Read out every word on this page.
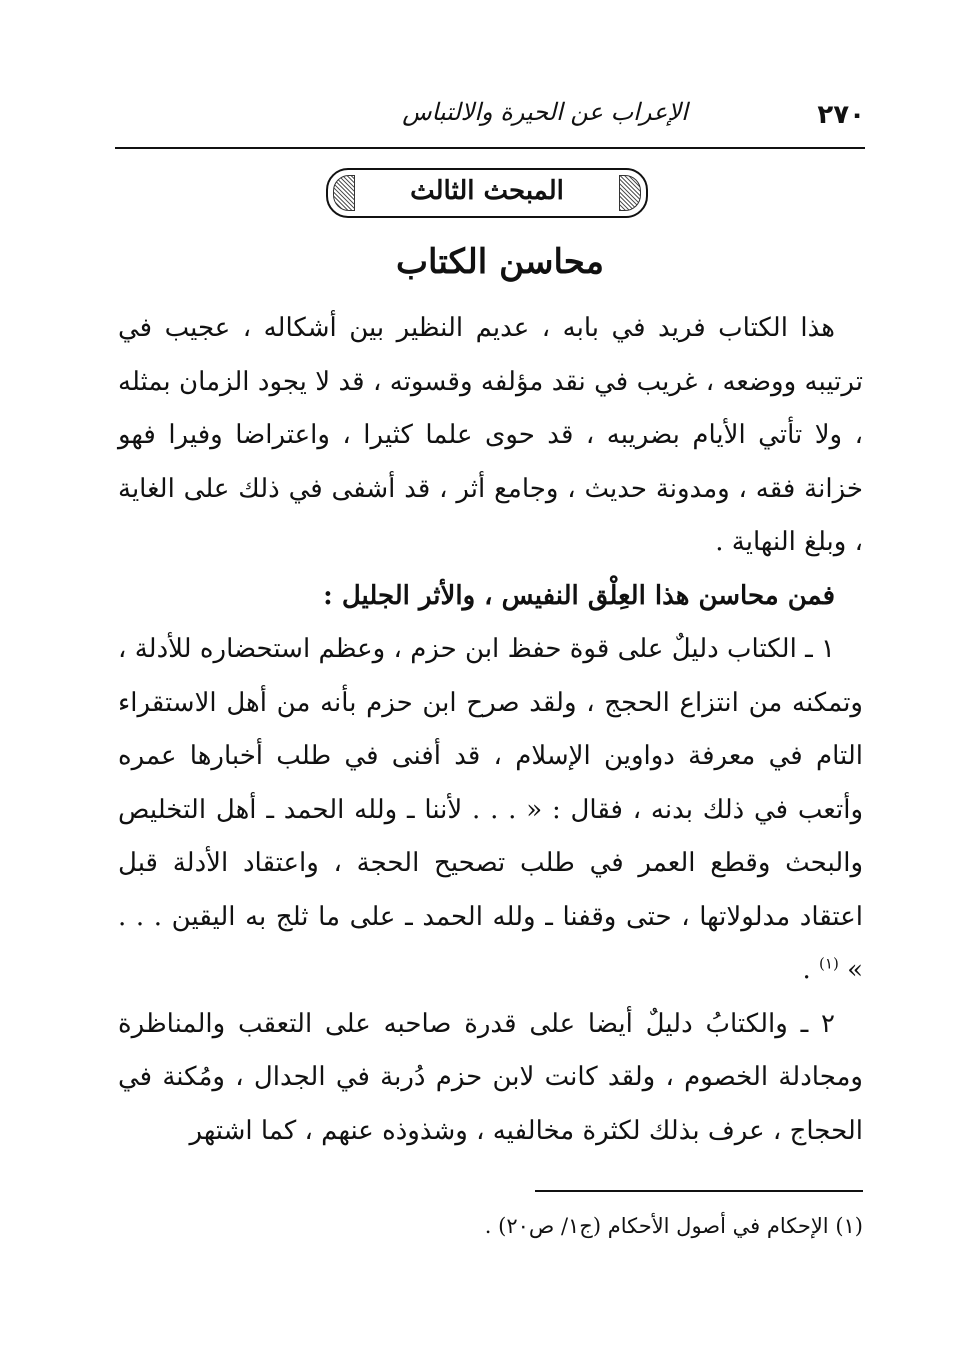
٢٧٠
الإعراب عن الحيرة والالتباس
المبحث الثالث
محاسن الكتاب

هذا الكتاب فريد في بابه ، عديم النظير بين أشكاله ، عجيب في ترتيبه ووضعه ، غريب في نقد مؤلفه وقسوته ، قد لا يجود الزمان بمثله ، ولا تأتي الأيام بضريبه ، قد حوى علما كثيرا ، واعتراضا وفيرا فهو خزانة فقه ، ومدونة حديث ، وجامع أثر ، قد أشفى في ذلك على الغاية ، وبلغ النهاية .

فمن محاسن هذا العِلْق النفيس ، والأثر الجليل :

١ ـ الكتاب دليلٌ على قوة حفظ ابن حزم ، وعظم استحضاره للأدلة ، وتمكنه من انتزاع الحجج ، ولقد صرح ابن حزم بأنه من أهل الاستقراء التام في معرفة دواوين الإسلام ، قد أفنى في طلب أخبارها عمره وأتعب في ذلك بدنه ، فقال : « . . . لأننا ـ ولله الحمد ـ أهل التخليص والبحث وقطع العمر في طلب تصحيح الحجة ، واعتقاد الأدلة قبل اعتقاد مدلولاتها ، حتى وقفنا ـ ولله الحمد ـ على ما ثلج به اليقين . . . » $^{(١)}$ .

٢ ـ والكتابُ دليلٌ أيضا على قدرة صاحبه على التعقب والمناظرة ومجادلة الخصوم ، ولقد كانت لابن حزم دُربة في الجدال ، ومُكنة في الحجاج ، عرف بذلك لكثرة مخالفيه ، وشذوذه عنهم ، كما اشتهر

(١) الإحكام في أصول الأحكام (ج١/ ص٢٠) .
